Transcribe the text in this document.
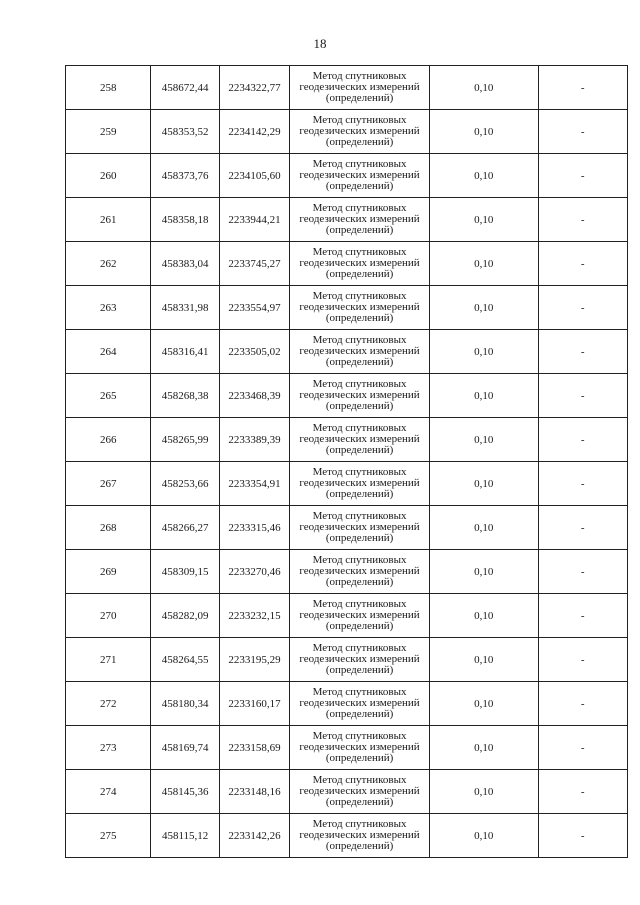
18
258	458672,44	2234322,77	Метод спутниковых
геодезических измерений
(определений)	0,10	-
259	458353,52	2234142,29	Метод спутниковых
геодезических измерений
(определений)	0,10	-
260	458373,76	2234105,60	Метод спутниковых
геодезических измерений
(определений)	0,10	-
261	458358,18	2233944,21	Метод спутниковых
геодезических измерений
(определений)	0,10	-
262	458383,04	2233745,27	Метод спутниковых
геодезических измерений
(определений)	0,10	-
263	458331,98	2233554,97	Метод спутниковых
геодезических измерений
(определений)	0,10	-
264	458316,41	2233505,02	Метод спутниковых
геодезических измерений
(определений)	0,10	-
265	458268,38	2233468,39	Метод спутниковых
геодезических измерений
(определений)	0,10	-
266	458265,99	2233389,39	Метод спутниковых
геодезических измерений
(определений)	0,10	-
267	458253,66	2233354,91	Метод спутниковых
геодезических измерений
(определений)	0,10	-
268	458266,27	2233315,46	Метод спутниковых
геодезических измерений
(определений)	0,10	-
269	458309,15	2233270,46	Метод спутниковых
геодезических измерений
(определений)	0,10	-
270	458282,09	2233232,15	Метод спутниковых
геодезических измерений
(определений)	0,10	-
271	458264,55	2233195,29	Метод спутниковых
геодезических измерений
(определений)	0,10	-
272	458180,34	2233160,17	Метод спутниковых
геодезических измерений
(определений)	0,10	-
273	458169,74	2233158,69	Метод спутниковых
геодезических измерений
(определений)	0,10	-
274	458145,36	2233148,16	Метод спутниковых
геодезических измерений
(определений)	0,10	-
275	458115,12	2233142,26	Метод спутниковых
геодезических измерений
(определений)	0,10	-
